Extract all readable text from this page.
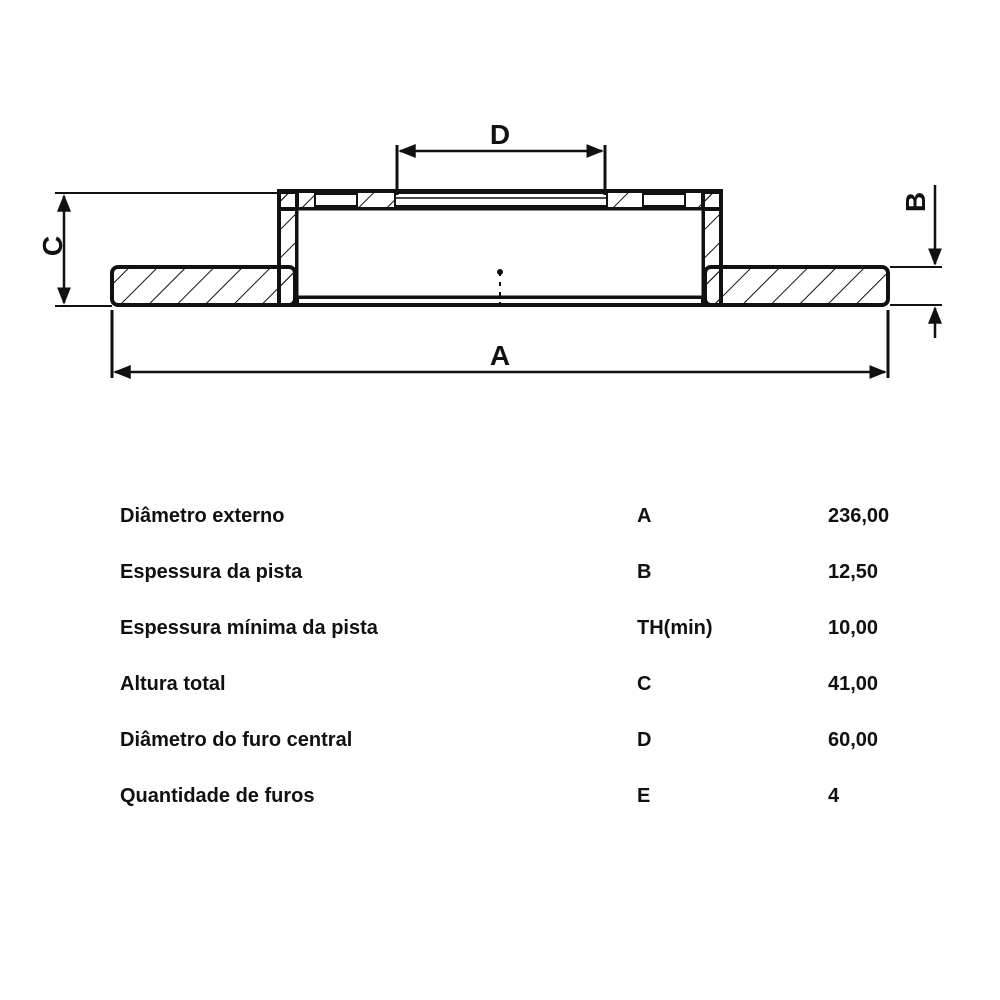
D
C
A
B
Diâmetro externo	A	236,00
Espessura da pista	B	12,50
Espessura mínima da pista	TH(min)	10,00
Altura total	C	41,00
Diâmetro do furo central	D	60,00
Quantidade de furos	E	4
